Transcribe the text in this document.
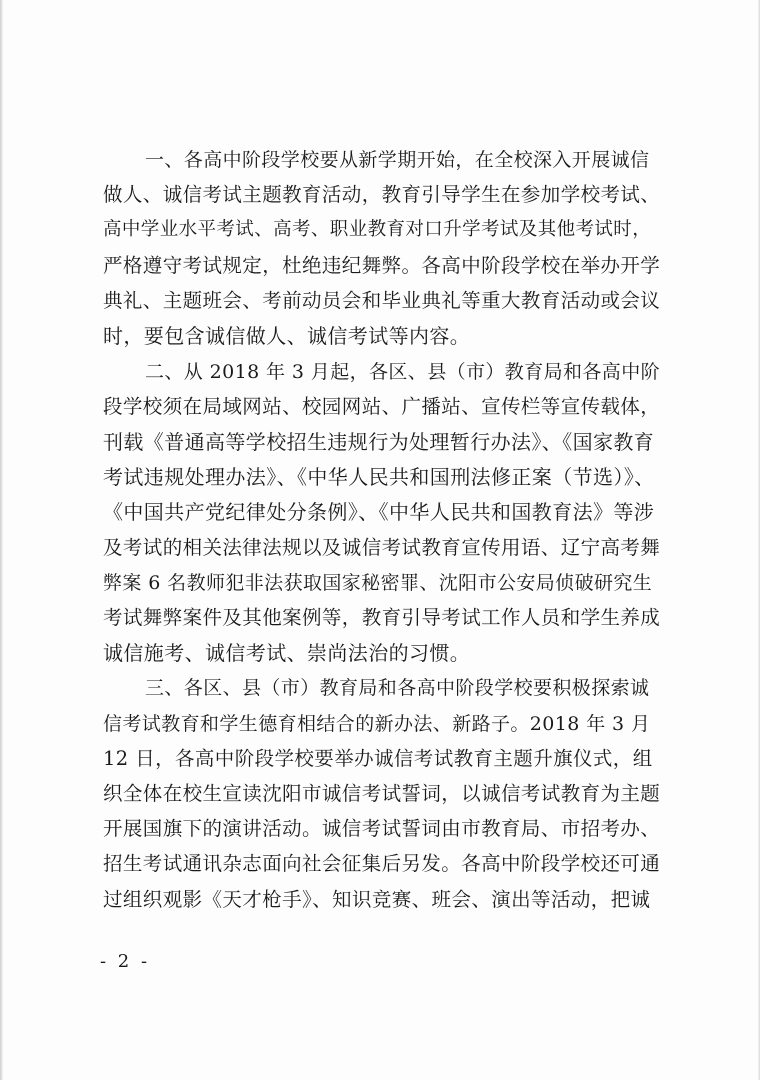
一、各高中阶段学校要从新学期开始，在全校深入开展诚信
做人、诚信考试主题教育活动，教育引导学生在参加学校考试、
高中学业水平考试、高考、职业教育对口升学考试及其他考试时，
严格遵守考试规定，杜绝违纪舞弊。各高中阶段学校在举办开学
典礼、主题班会、考前动员会和毕业典礼等重大教育活动或会议
时，要包含诚信做人、诚信考试等内容。
二、从 2018 年 3 月起，各区、县（市）教育局和各高中阶
段学校须在局域网站、校园网站、广播站、宣传栏等宣传载体，
刊载《普通高等学校招生违规行为处理暂行办法》、《国家教育
考试违规处理办法》、《中华人民共和国刑法修正案（节选）》、
《中国共产党纪律处分条例》、《中华人民共和国教育法》等涉
及考试的相关法律法规以及诚信考试教育宣传用语、辽宁高考舞
弊案 6 名教师犯非法获取国家秘密罪、沈阳市公安局侦破研究生
考试舞弊案件及其他案例等，教育引导考试工作人员和学生养成
诚信施考、诚信考试、崇尚法治的习惯。
三、各区、县（市）教育局和各高中阶段学校要积极探索诚
信考试教育和学生德育相结合的新办法、新路子。2018 年 3 月
12 日，各高中阶段学校要举办诚信考试教育主题升旗仪式，组
织全体在校生宣读沈阳市诚信考试誓词，以诚信考试教育为主题
开展国旗下的演讲活动。诚信考试誓词由市教育局、市招考办、
招生考试通讯杂志面向社会征集后另发。各高中阶段学校还可通
过组织观影《天才枪手》、知识竞赛、班会、演出等活动，把诚
- 2 -
